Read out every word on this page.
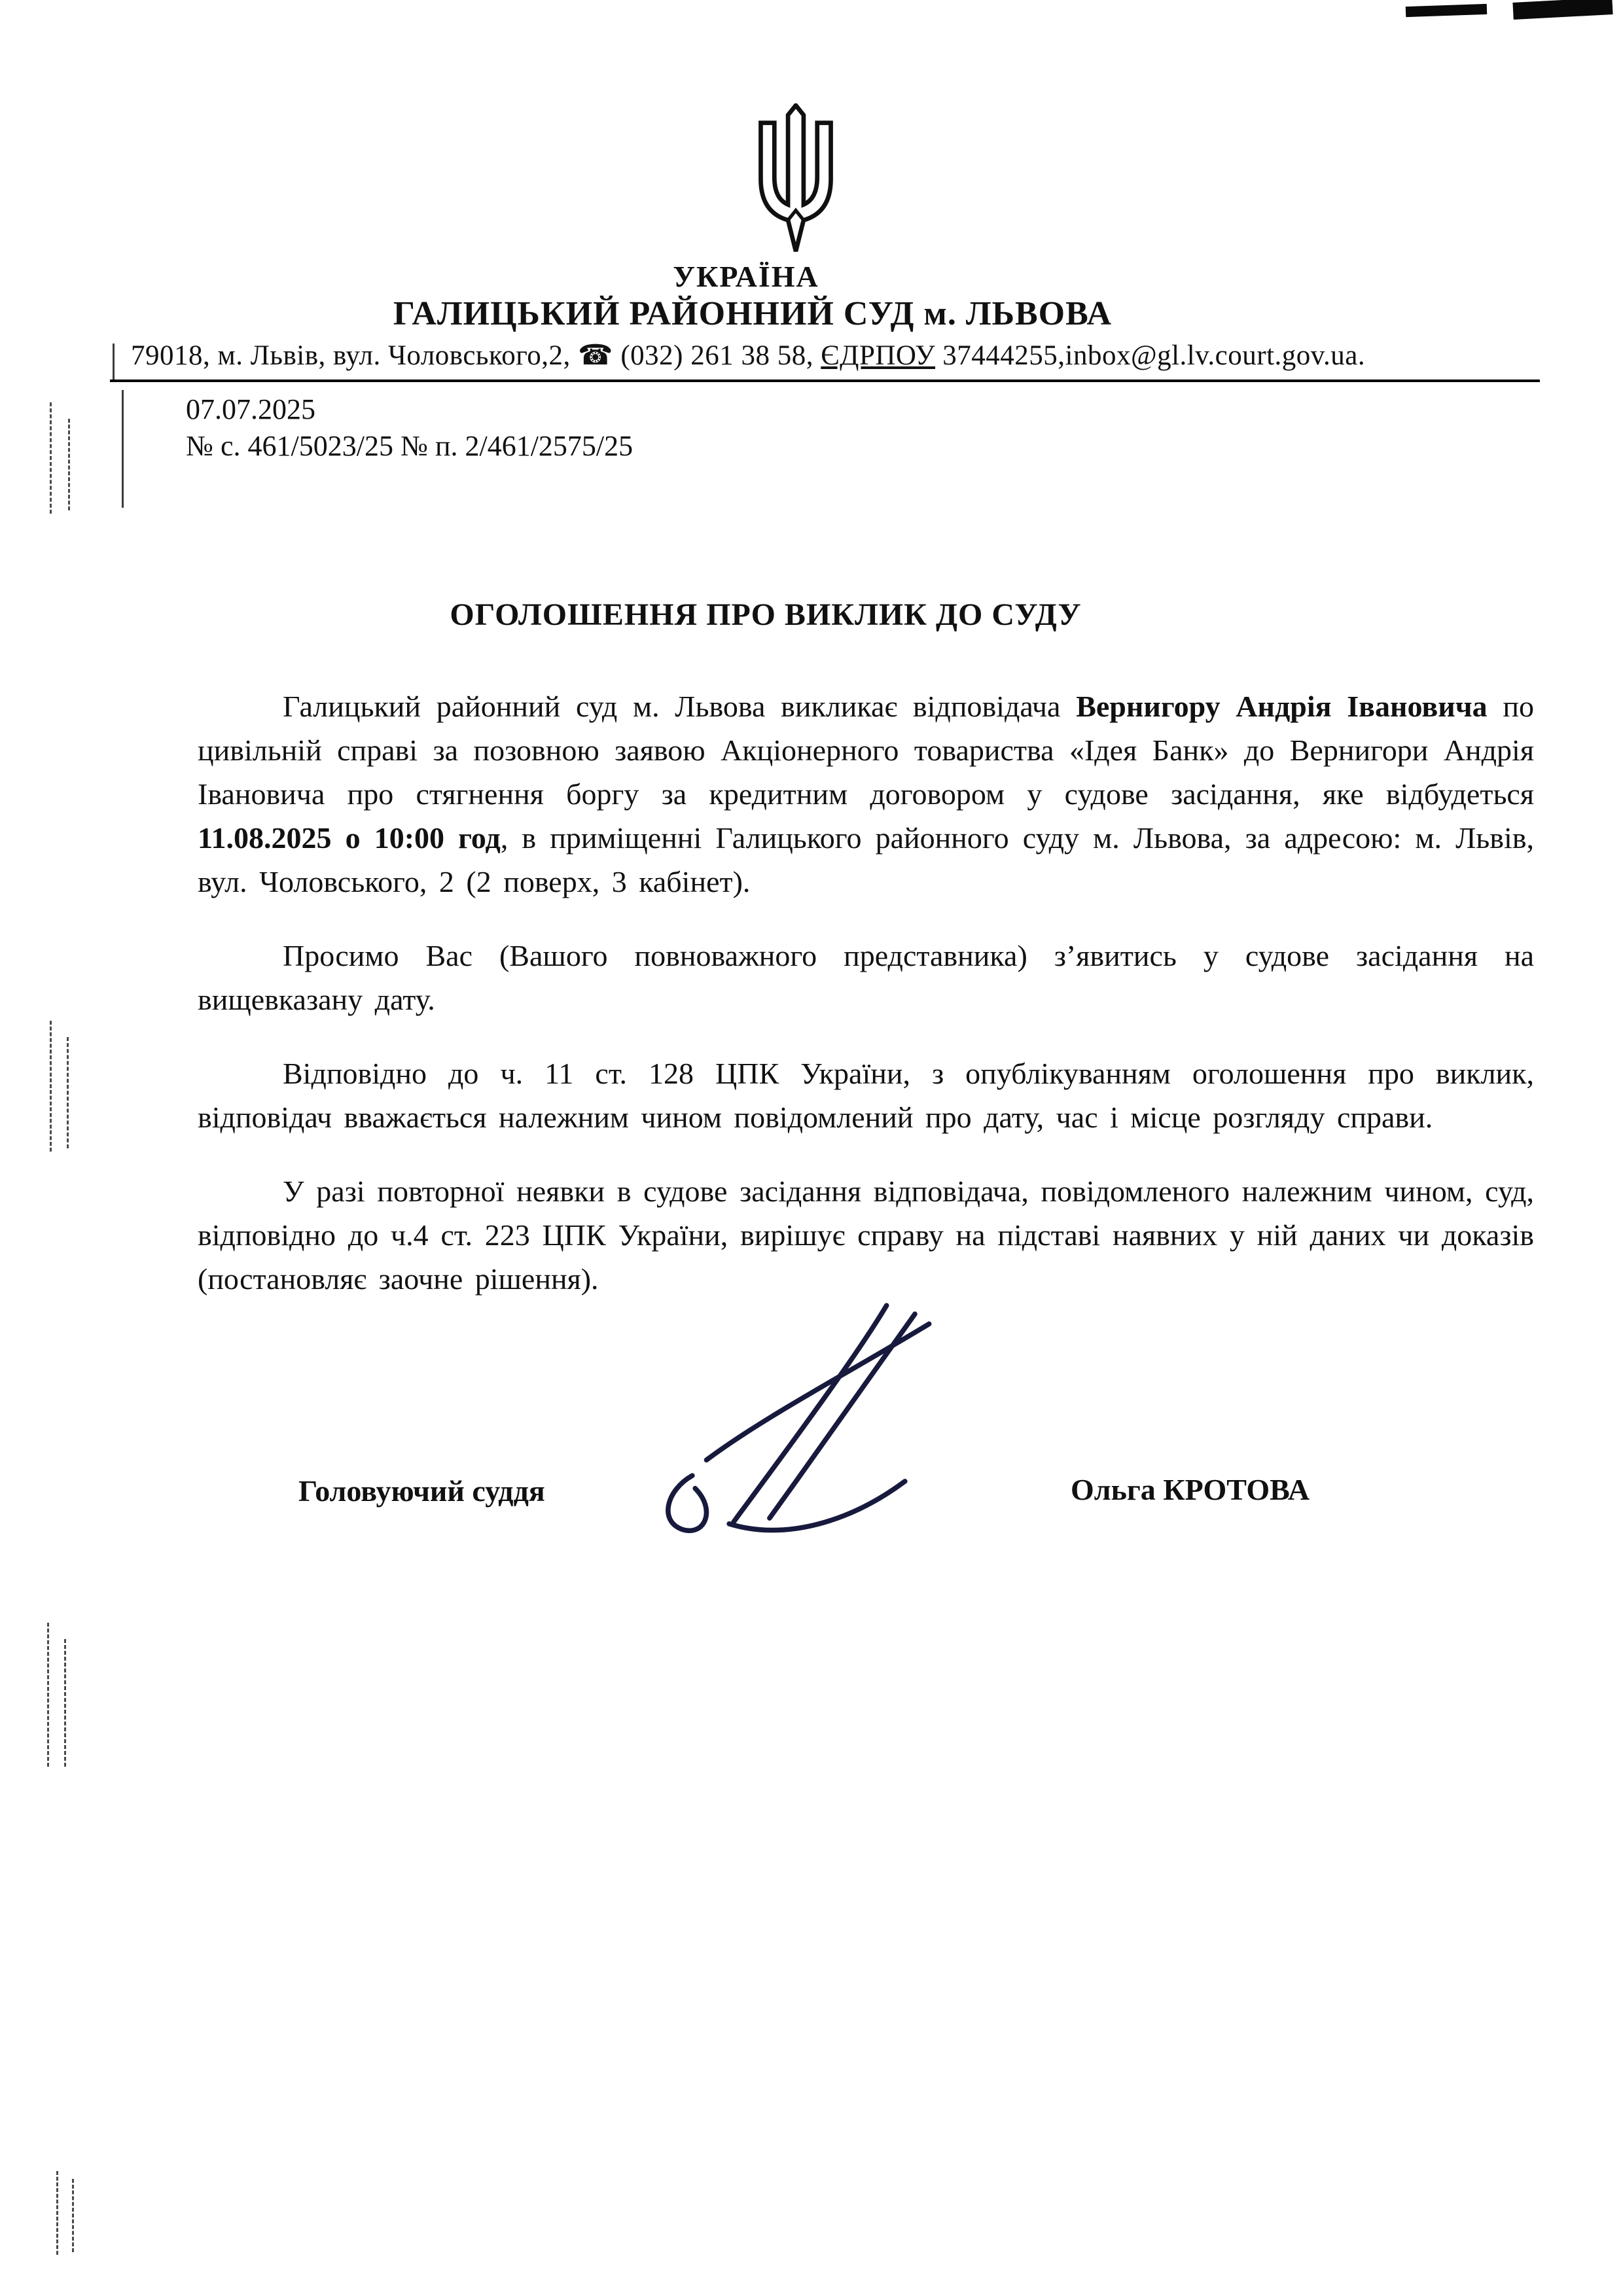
УКРАЇНА
ГАЛИЦЬКИЙ РАЙОННИЙ СУД м. ЛЬВОВА
79018, м. Львів, вул. Чоловського,2, ☎ (032) 261 38 58, ЄДРПОУ 37444255,inbox@gl.lv.court.gov.ua.
07.07.2025
№ с. 461/5023/25 № п. 2/461/2575/25
ОГОЛОШЕННЯ ПРО ВИКЛИК ДО СУДУ

Галицький районний суд м. Львова викликає відповідача Вернигору Андрія Івановича по цивільній справі за позовною заявою Акціонерного товариства «Ідея Банк» до Вернигори Андрія Івановича про стягнення боргу за кредитним договором у судове засідання, яке відбудеться 11.08.2025 о 10:00 год, в приміщенні Галицького районного суду м. Львова, за адресою: м. Львів, вул. Чоловського, 2 (2 поверх, 3 кабінет).

Просимо Вас (Вашого повноважного представника) з’явитись у судове засідання на вищевказану дату.

Відповідно до ч. 11 ст. 128 ЦПК України, з опублікуванням оголошення про виклик, відповідач вважається належним чином повідомлений про дату, час і місце розгляду справи.

У разі повторної неявки в судове засідання відповідача, повідомленого належним чином, суд, відповідно до ч.4 ст. 223 ЦПК України, вирішує справу на підставі наявних у ній даних чи доказів (постановляє заочне рішення).

Головуючий суддя	Ольга КРОТОВА
